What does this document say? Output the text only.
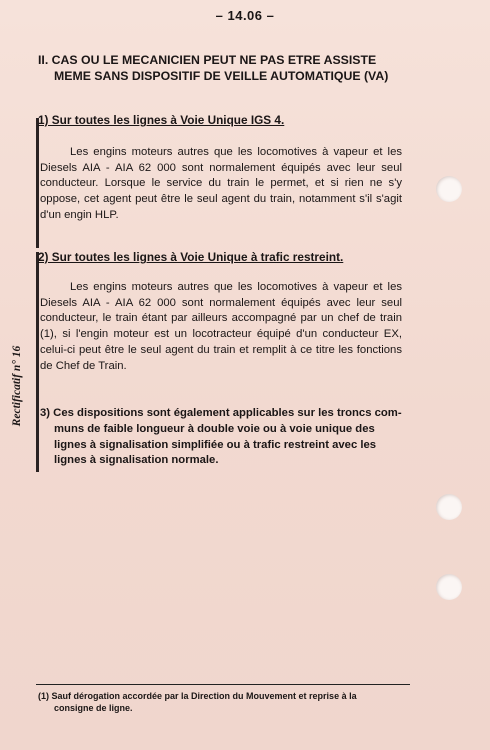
– 14.06 –
II. CAS OU LE MECANICIEN PEUT NE PAS ETRE ASSISTE
MEME SANS DISPOSITIF DE VEILLE AUTOMATIQUE (VA)
1) Sur toutes les lignes à Voie Unique IGS 4.
Les engins moteurs autres que les locomotives à vapeur et les Diesels AIA - AIA 62 000 sont normalement équipés avec leur seul conducteur. Lorsque le service du train le permet, et si rien ne s'y oppose, cet agent peut être le seul agent du train, notamment s'il s'agit d'un engin HLP.
2) Sur toutes les lignes à Voie Unique à trafic restreint.
Les engins moteurs autres que les locomotives à vapeur et les Diesels AIA - AIA 62 000 sont normalement équipés avec leur seul conducteur, le train étant par ailleurs accompagné par un chef de train (1), si l'engin moteur est un locotracteur équipé d'un conducteur EX, celui-ci peut être le seul agent du train et remplit à ce titre les fonctions de Chef de Train.
3) Ces dispositions sont également applicables sur les troncs com-
muns de faible longueur à double voie ou à voie unique des lignes à signalisation simplifiée ou à trafic restreint avec les lignes à signalisation normale.
Rectificatif n° 16
(1) Sauf dérogation accordée par la Direction du Mouvement et reprise à la
consigne de ligne.
